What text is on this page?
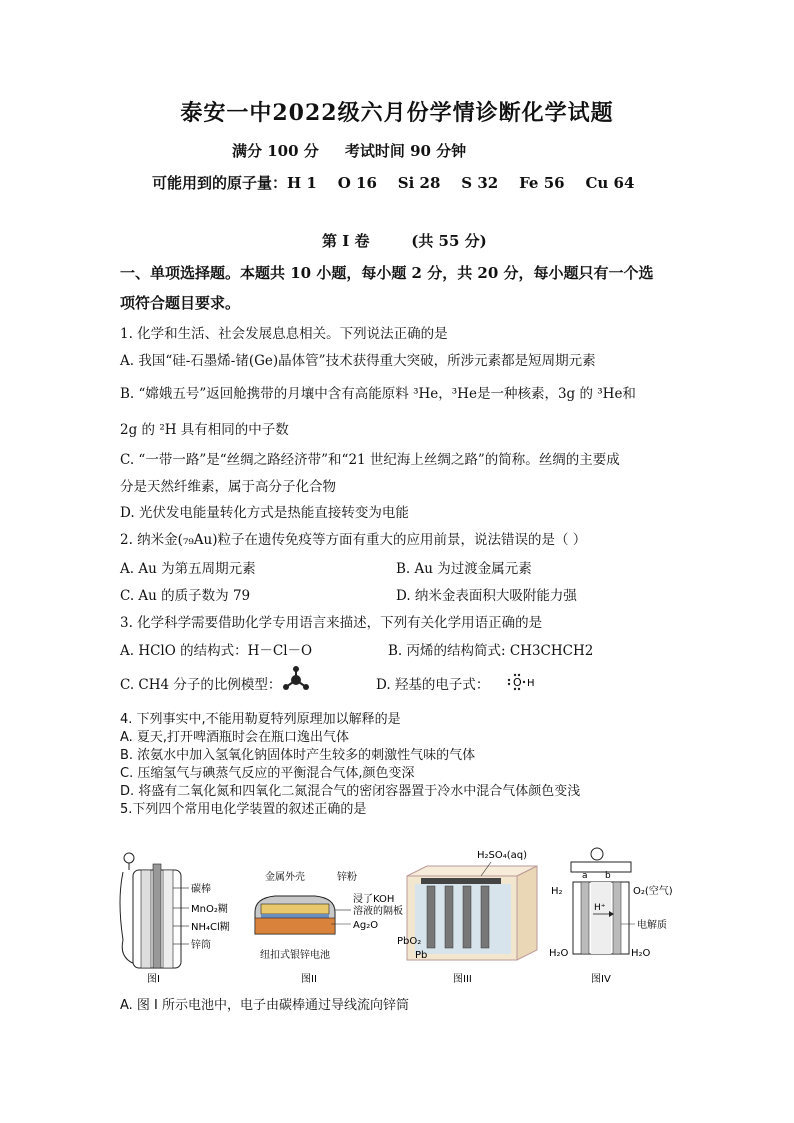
泰安一中2022级六月份学情诊断化学试题
满分 100 分     考试时间 90 分钟
可能用到的原子量：H 1    O 16    Si 28    S 32    Fe 56    Cu 64
第 I 卷        (共 55 分)
一、单项选择题。本题共 10 小题，每小题 2 分，共 20 分，每小题只有一个选
项符合题目要求。
1. 化学和生活、社会发展息息相关。下列说法正确的是
A. 我国“硅-石墨烯-锗(Ge)晶体管”技术获得重大突破，所涉元素都是短周期元素
B. “嫦娥五号”返回舱携带的月壤中含有高能原料 ³He，³He是一种核素，3g 的 ³He和
2g 的 ²H 具有相同的中子数
C. “一带一路”是“丝绸之路经济带”和“21 世纪海上丝绸之路”的简称。丝绸的主要成
分是天然纤维素，属于高分子化合物
D. 光伏发电能量转化方式是热能直接转变为电能
2. 纳米金(₇₉Au)粒子在遗传免疫等方面有重大的应用前景，说法错误的是（ ）
A. Au 为第五周期元素	B. Au 为过渡金属元素
C. Au 的质子数为 79	D. 纳米金表面积大吸附能力强
3. 化学科学需要借助化学专用语言来描述，下列有关化学用语正确的是
A. HClO 的结构式：H－Cl－O	B. 丙烯的结构简式: CH3CHCH2
C. CH4 分子的比例模型：	D. 羟基的电子式： O H
4. 下列事实中,不能用勒夏特列原理加以解释的是
A. 夏天,打开啤酒瓶时会在瓶口逸出气体
B. 浓氨水中加入氢氧化钠固体时产生较多的刺激性气味的气体
C. 压缩氢气与碘蒸气反应的平衡混合气体,颜色变深
D. 将盛有二氧化氮和四氧化二氮混合气的密闭容器置于冷水中混合气体颜色变浅
5.下列四个常用电化学装置的叙述正确的是
碳棒
MnO₂糊
NH₄Cl糊
锌筒
图I
金属外壳	锌粉
浸了KOH
溶液的隔板
Ag₂O
纽扣式银锌电池
图II
H₂SO₄(aq)
PbO₂
Pb
图III
a b
H₂	O₂(空气)
H⁺
电解质
H₂O	H₂O
图IV
A. 图 I 所示电池中，电子由碳棒通过导线流向锌筒
